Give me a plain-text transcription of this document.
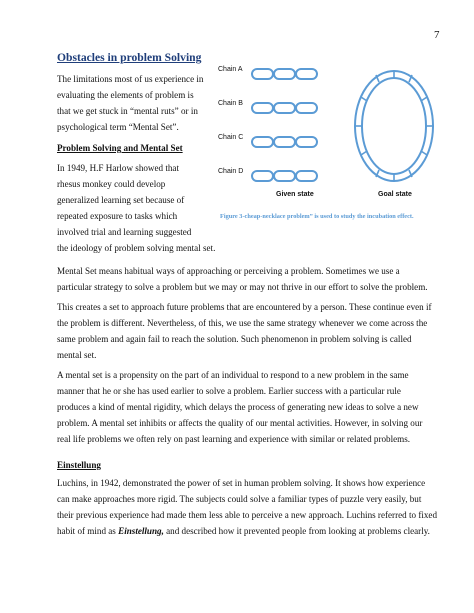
7
Obstacles in problem Solving
The limitations most of us experience in
evaluating the elements of problem is
that we get stuck in “mental ruts” or in
psychological term “Mental Set”.
Problem Solving and Mental Set
In 1949, H.F Harlow showed that
rhesus monkey could develop
generalized learning set because of
repeated exposure to tasks which
involved trial and learning suggested
the ideology of problem solving mental set.
Chain A
Chain B
Chain C
Chain D
Given state	Goal state
Figure 3-cheap-necklace problem” is used to study the incubation effect.
Mental Set means habitual ways of approaching or perceiving a problem. Sometimes we use a
particular strategy to solve a problem but we may or may not thrive in our effort to solve the problem.
This creates a set to approach future problems that are encountered by a person. These continue even if
the problem is different. Nevertheless, of this, we use the same strategy whenever we come across the
same problem and again fail to reach the solution. Such phenomenon in problem solving is called
mental set.
A mental set is a propensity on the part of an individual to respond to a new problem in the same
manner that he or she has used earlier to solve a problem. Earlier success with a particular rule
produces a kind of mental rigidity, which delays the process of generating new ideas to solve a new
problem. A mental set inhibits or affects the quality of our mental activities. However, in solving our
real life problems we often rely on past learning and experience with similar or related problems.
Einstellung
Luchins, in 1942, demonstrated the power of set in human problem solving. It shows how experience
can make approaches more rigid. The subjects could solve a familiar types of puzzle very easily, but
their previous experience had made them less able to perceive a new approach. Luchins referred to fixed
habit of mind as Einstellung, and described how it prevented people from looking at problems clearly.
